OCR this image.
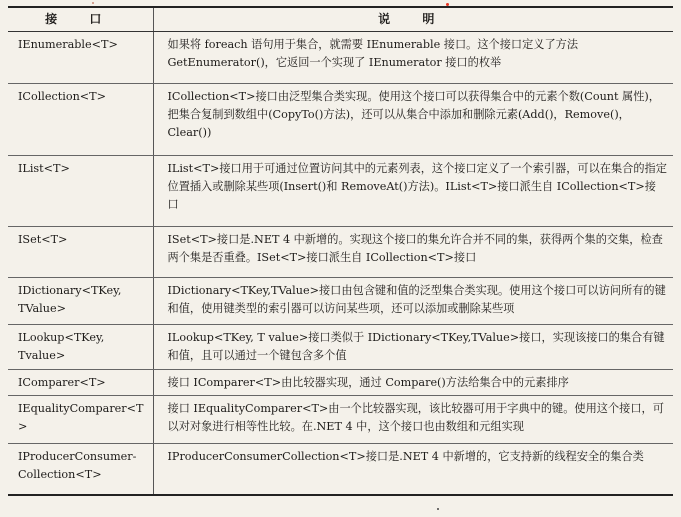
接 口	说 明
IEnumerable<T>	如果将 foreach 语句用于集合，就需要 IEnumerable 接口。这个接口定义了方法 GetEnumerator()，它返回一个实现了 IEnumerator 接口的枚举
ICollection<T>	ICollection<T>接口由泛型集合类实现。使用这个接口可以获得集合中的元素个数(Count 属性)，把集合复制到数组中(CopyTo()方法)，还可以从集合中添加和删除元素(Add()，Remove()，Clear())
IList<T>	IList<T>接口用于可通过位置访问其中的元素列表，这个接口定义了一个索引器，可以在集合的指定位置插入或删除某些项(Insert()和 RemoveAt()方法)。IList<T>接口派生自 ICollection<T>接口
ISet<T>	ISet<T>接口是.NET 4 中新增的。实现这个接口的集允许合并不同的集，获得两个集的交集，检查两个集是否重叠。ISet<T>接口派生自 ICollection<T>接口
IDictionary<TKey, TValue>	IDictionary<TKey,TValue>接口由包含键和值的泛型集合类实现。使用这个接口可以访问所有的键和值，使用键类型的索引器可以访问某些项，还可以添加或删除某些项
ILookup<TKey, Tvalue>	ILookup<TKey, T value>接口类似于 IDictionary<TKey,TValue>接口，实现该接口的集合有键和值，且可以通过一个键包含多个值
IComparer<T>	接口 IComparer<T>由比较器实现，通过 Compare()方法给集合中的元素排序
IEqualityComparer<T>	接口 IEqualityComparer<T>由一个比较器实现，该比较器可用于字典中的键。使用这个接口，可以对对象进行相等性比较。在.NET 4 中，这个接口也由数组和元组实现
IProducerConsumer-Collection<T>	IProducerConsumerCollection<T>接口是.NET 4 中新增的，它支持新的线程安全的集合类
